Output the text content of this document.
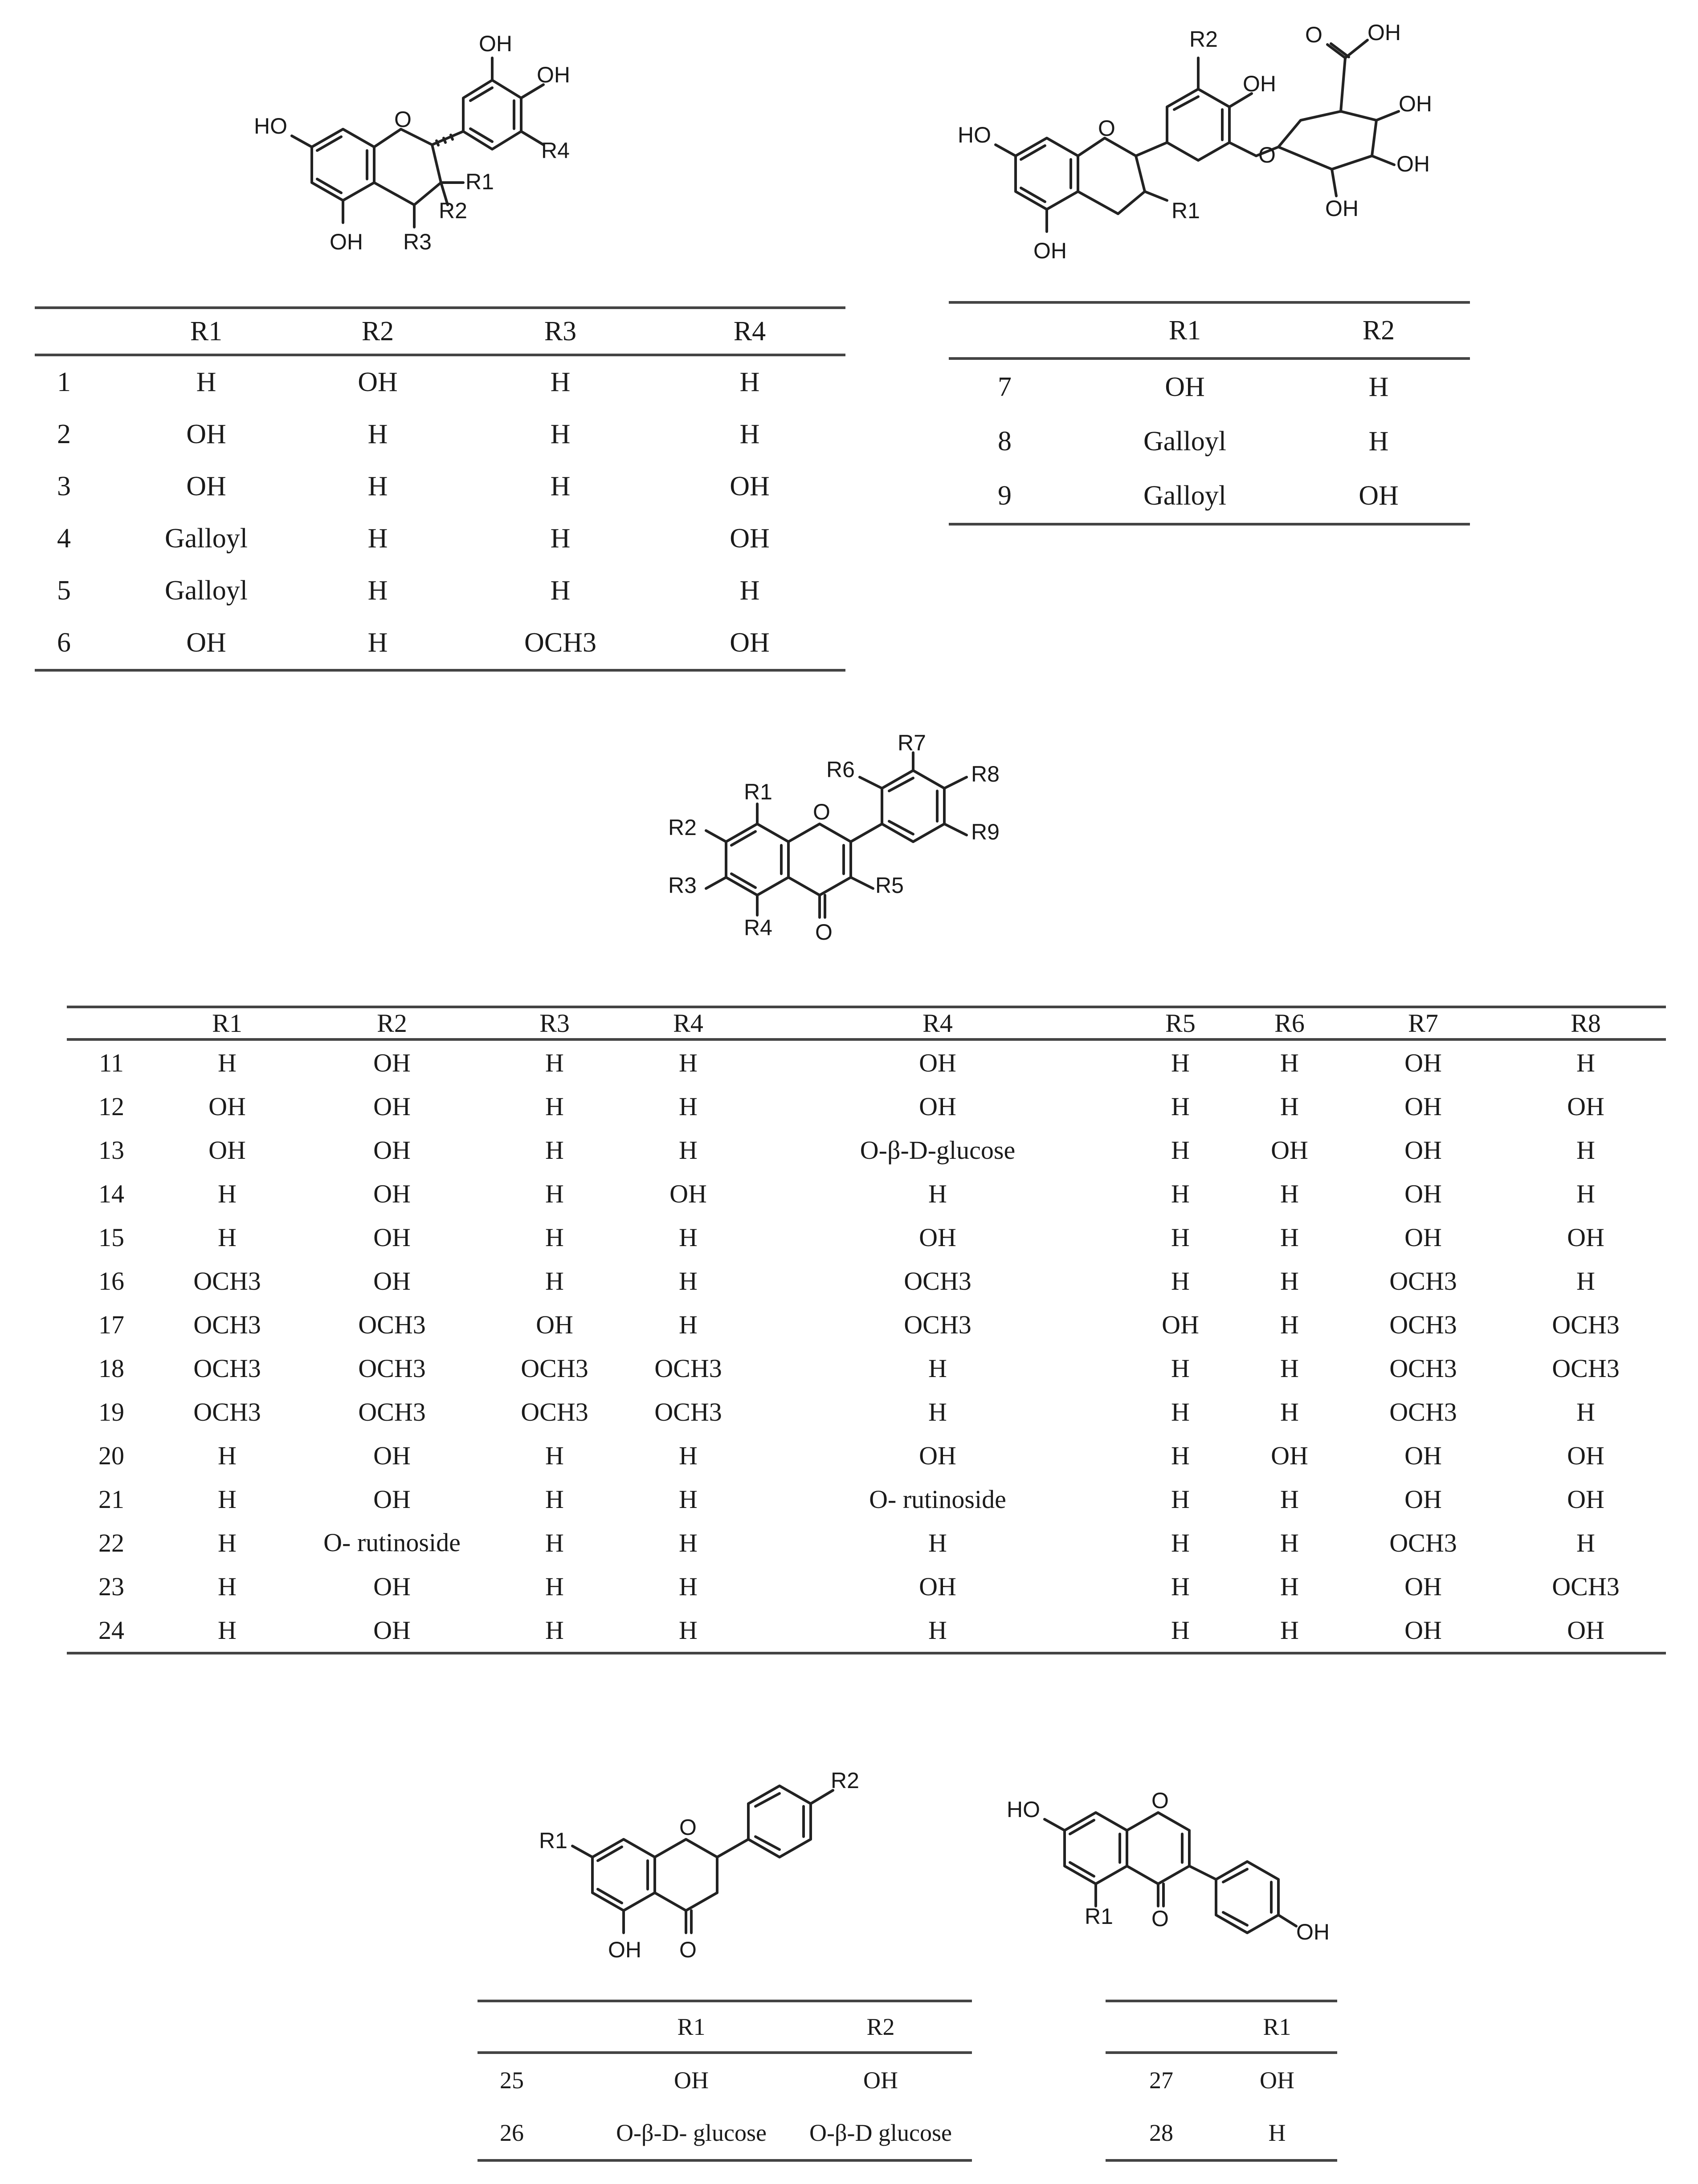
OH
OH
HO	O
R4
R1
R2
R3
OH
R2	O OH
OH
OH
OH
OH
HO	O
O
R1
OH
R7
R6	R8
R1
R2
O
R9
R3	R5
R4 O
R2
R1
O
OH O
HO	O
R1 O
OH
	R1	R2	R3	R4
1	H	OH	H	H
2	OH	H	H	H
3	OH	H	H	OH
4	Galloyl	H	H	OH
5	Galloyl	H	H	H
6	OH	H	OCH3	OH
	R1	R2
7	OH	H
8	Galloyl	H
9	Galloyl	OH
	R1	R2	R3	R4	R4	R5	R6	R7	R8
11	H	OH	H	H	OH	H	H	OH	H
12	OH	OH	H	H	OH	H	H	OH	OH
13	OH	OH	H	H	O-β-D-glucose	H	OH	OH	H
14	H	OH	H	OH	H	H	H	OH	H
15	H	OH	H	H	OH	H	H	OH	OH
16	OCH3	OH	H	H	OCH3	H	H	OCH3	H
17	OCH3	OCH3	OH	H	OCH3	OH	H	OCH3	OCH3
18	OCH3	OCH3	OCH3	OCH3	H	H	H	OCH3	OCH3
19	OCH3	OCH3	OCH3	OCH3	H	H	H	OCH3	H
20	H	OH	H	H	OH	H	OH	OH	OH
21	H	OH	H	H	O- rutinoside	H	H	OH	OH
22	H	O- rutinoside	H	H	H	H	H	OCH3	H
23	H	OH	H	H	OH	H	H	OH	OCH3
24	H	OH	H	H	H	H	H	OH	OH
	R1	R2
25	OH	OH
26	O-β-D- glucose	O-β-D glucose
	R1
27	OH
28	H
